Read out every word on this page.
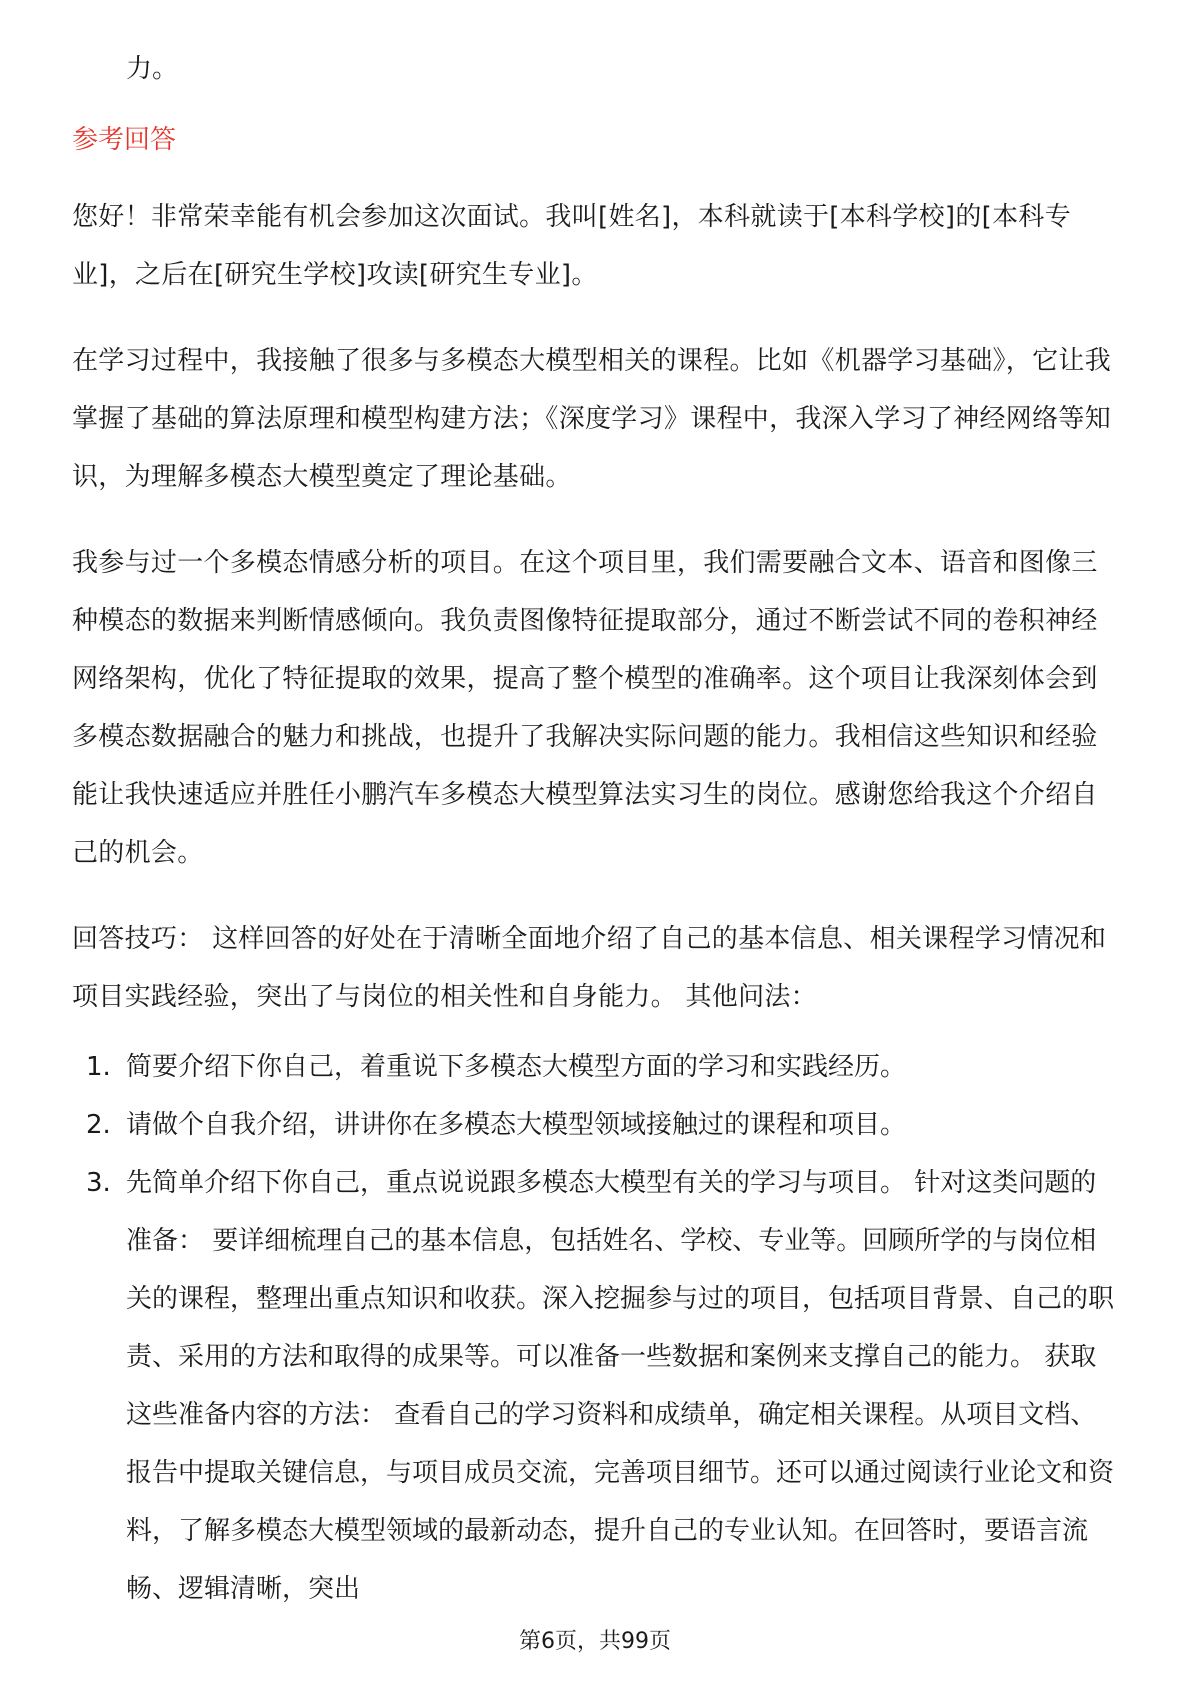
力。

参考回答

您好！非常荣幸能有机会参加这次面试。我叫[姓名]，本科就读于[本科学校]的[本科专业]，之后在[研究生学校]攻读[研究生专业]。

在学习过程中，我接触了很多与多模态大模型相关的课程。比如《机器学习基础》，它让我掌握了基础的算法原理和模型构建方法；《深度学习》课程中，我深入学习了神经网络等知识，为理解多模态大模型奠定了理论基础。

我参与过一个多模态情感分析的项目。在这个项目里，我们需要融合文本、语音和图像三种模态的数据来判断情感倾向。我负责图像特征提取部分，通过不断尝试不同的卷积神经网络架构，优化了特征提取的效果，提高了整个模型的准确率。这个项目让我深刻体会到多模态数据融合的魅力和挑战，也提升了我解决实际问题的能力。我相信这些知识和经验能让我快速适应并胜任小鹏汽车多模态大模型算法实习生的岗位。感谢您给我这个介绍自己的机会。

回答技巧： 这样回答的好处在于清晰全面地介绍了自己的基本信息、相关课程学习情况和项目实践经验，突出了与岗位的相关性和自身能力。 其他问法：

1. 简要介绍下你自己，着重说下多模态大模型方面的学习和实践经历。
2. 请做个自我介绍，讲讲你在多模态大模型领域接触过的课程和项目。
3. 先简单介绍下你自己，重点说说跟多模态大模型有关的学习与项目。 针对这类问题的准备： 要详细梳理自己的基本信息，包括姓名、学校、专业等。回顾所学的与岗位相关的课程，整理出重点知识和收获。深入挖掘参与过的项目，包括项目背景、自己的职责、采用的方法和取得的成果等。可以准备一些数据和案例来支撑自己的能力。 获取这些准备内容的方法： 查看自己的学习资料和成绩单，确定相关课程。从项目文档、报告中提取关键信息，与项目成员交流，完善项目细节。还可以通过阅读行业论文和资料，了解多模态大模型领域的最新动态，提升自己的专业认知。在回答时，要语言流畅、逻辑清晰，突出
第6页，共99页
